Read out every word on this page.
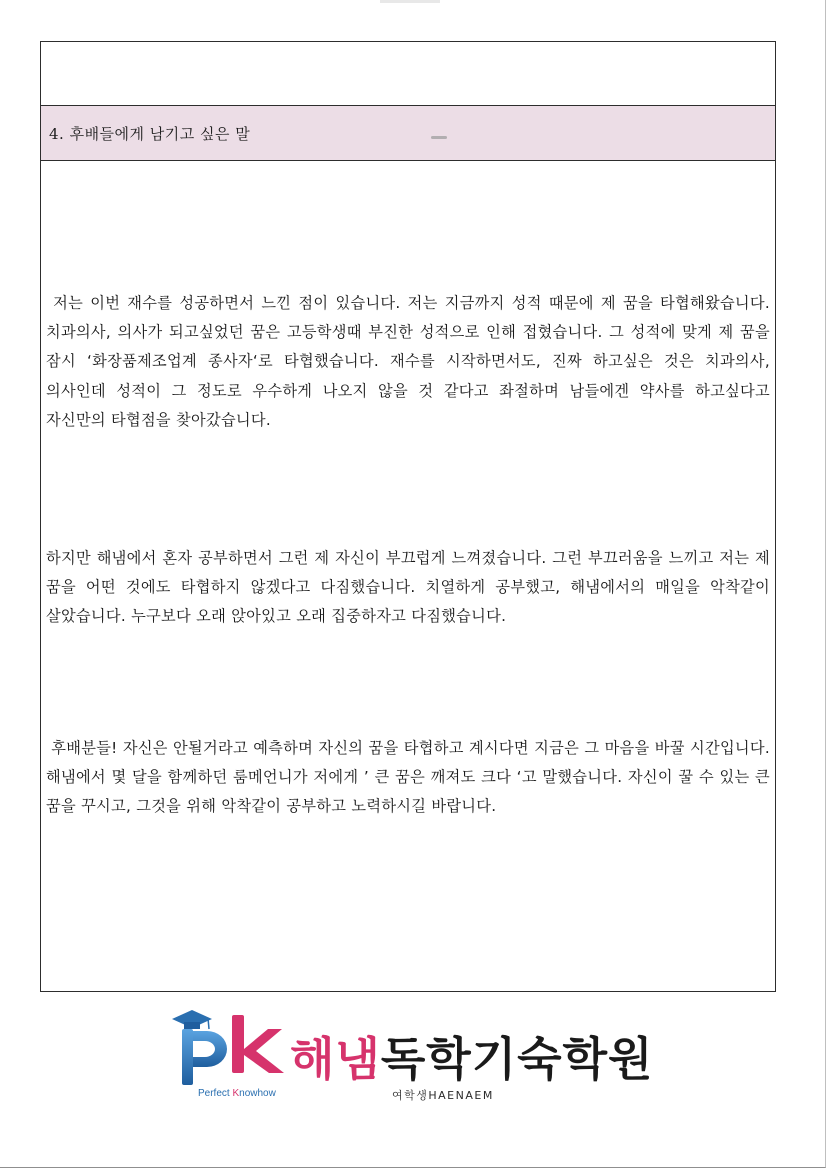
4. 후배들에게 남기고 싶은 말

저는 이번 재수를 성공하면서 느낀 점이 있습니다. 저는 지금까지 성적 때문에 제 꿈을 타협해왔습니다. 치과의사, 의사가 되고싶었던 꿈은 고등학생때 부진한 성적으로 인해 접혔습니다. 그 성적에 맞게 제 꿈을 잠시 ‘화장품제조업계 종사자‘로 타협했습니다. 재수를 시작하면서도, 진짜 하고싶은 것은 치과의사, 의사인데 성적이 그 정도로 우수하게 나오지 않을 것 같다고 좌절하며 남들에겐 약사를 하고싶다고 자신만의 타협점을 찾아갔습니다.

하지만 해냄에서 혼자 공부하면서 그런 제 자신이 부끄럽게 느껴졌습니다. 그런 부끄러움을 느끼고 저는 제 꿈을 어떤 것에도 타협하지 않겠다고 다짐했습니다. 치열하게 공부했고, 해냄에서의 매일을 악착같이 살았습니다. 누구보다 오래 앉아있고 오래 집중하자고 다짐했습니다.

후배분들! 자신은 안될거라고 예측하며 자신의 꿈을 타협하고 계시다면 지금은 그 마음을 바꿀 시간입니다. 해냄에서 몇 달을 함께하던 룸메언니가 저에게 ’ 큰 꿈은 깨져도 크다 ‘고 말했습니다. 자신이 꿀 수 있는 큰 꿈을 꾸시고, 그것을 위해 악착같이 공부하고 노력하시길 바랍니다.

Perfect Knowhow
해냄독학기숙학원
여학생HAENAEM
